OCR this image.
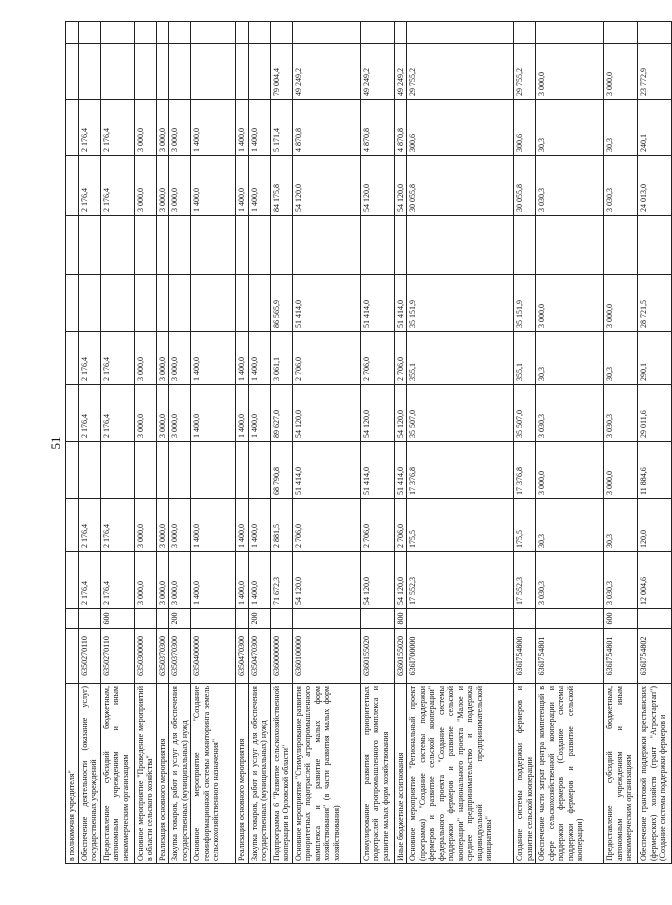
51
в полномочия учредителя"													
Обеспечение деятельности (оказание услуг) государственных учреждений	6350270110		2 176,4	2 176,4		2 176,4	2 176,4			2 176,4	2 176,4		
Предоставление субсидий бюджетным, автономным учреждениям и иным некоммерческим организациям	6350270110	600	2 176,4	2 176,4		2 176,4	2 176,4			2 176,4	2 176,4		
Основное мероприятие "Проведение мероприятий в области сельского хозяйства"	6350300000		3 000,0	3 000,0		3 000,0	3 000,0			3 000,0	3 000,0		
Реализация основного мероприятия	6350370300		3 000,0	3 000,0		3 000,0	3 000,0			3 000,0	3 000,0		
Закупка товаров, работ и услуг для обеспечения государственных (муниципальных) нужд	6350370300	200	3 000,0	3 000,0		3 000,0	3 000,0			3 000,0	3 000,0		
Основное мероприятие "Создание геоинформационной системы мониторинга земель сельскохозяйственного назначения"	6350400000		1 400,0	1 400,0		1 400,0	1 400,0			1 400,0	1 400,0		
Реализация основного мероприятия	6350470300		1 400,0	1 400,0		1 400,0	1 400,0			1 400,0	1 400,0		
Закупка товаров, работ и услуг для обеспечения государственных (муниципальных) нужд	6350470300	200	1 400,0	1 400,0		1 400,0	1 400,0			1 400,0	1 400,0		
Подпрограмма 6 "Развитие сельскохозяйственной кооперации в Орловской области"	6360000000		71 672,3	2 881,5	68 790,8	89 627,0	3 061,1	86 565,9		84 175,8	5 171,4	79 004,4	
Основное мероприятие "Стимулирование развития приоритетных подотраслей агропромышленного комплекса и развитие малых форм хозяйствования" (в части развития малых форм хозяйствования)	6360100000		54 120,0	2 706,0	51 414,0	54 120,0	2 706,0	51 414,0		54 120,0	4 870,8	49 249,2	
Стимулирование развития приоритетных подотраслей агропромышленного комплекса и развитие малых форм хозяйствования	6360155020		54 120,0	2 706,0	51 414,0	54 120,0	2 706,0	51 414,0		54 120,0	4 870,8	49 249,2	
Иные бюджетные ассигнования	6360155020	800	54 120,0	2 706,0	51 414,0	54 120,0	2 706,0	51 414,0		54 120,0	4 870,8	49 249,2	
Основное мероприятие "Региональный проект (программа) "Создание системы поддержки фермеров и развитие сельской кооперации" федерального проекта "Создание системы поддержки фермеров и развитие сельской кооперации" национального проекта "Малое и среднее предпринимательство и поддержка индивидуальной предпринимательской инициативы"	636I700000		17 552,3	175,5	17 376,8	35 507,0	355,1	35 151,9		30 055,8	300,6	29 755,2	
Создание системы поддержки фермеров и развитие сельской кооперации	636I754800		17 552,3	175,5	17 376,8	35 507,0	355,1	35 151,9		30 055,8	300,6	29 755,2	
Обеспечение части затрат центра компетенций в сфере сельскохозяйственной кооперации и поддержки фермеров (Создание системы поддержки фермеров и развитие сельской кооперации)	636I754801		3 030,3	30,3	3 000,0	3 030,3	30,3	3 000,0		3 030,3	30,3	3 000,0	
Предоставление субсидий бюджетным, автономным учреждениям и иным некоммерческим организациям	636I754801	600	3 030,3	30,3	3 000,0	3 030,3	30,3	3 000,0		3 030,3	30,3	3 000,0	
Обеспечение грантовой поддержки крестьянских (фермерских) хозяйств (грант "Агростартап") (Создание системы поддержки фермеров и	636I754802		12 004,6	120,0	11 884,6	29 011,6	290,1	28 721,5		24 013,0	240,1	23 772,9	
